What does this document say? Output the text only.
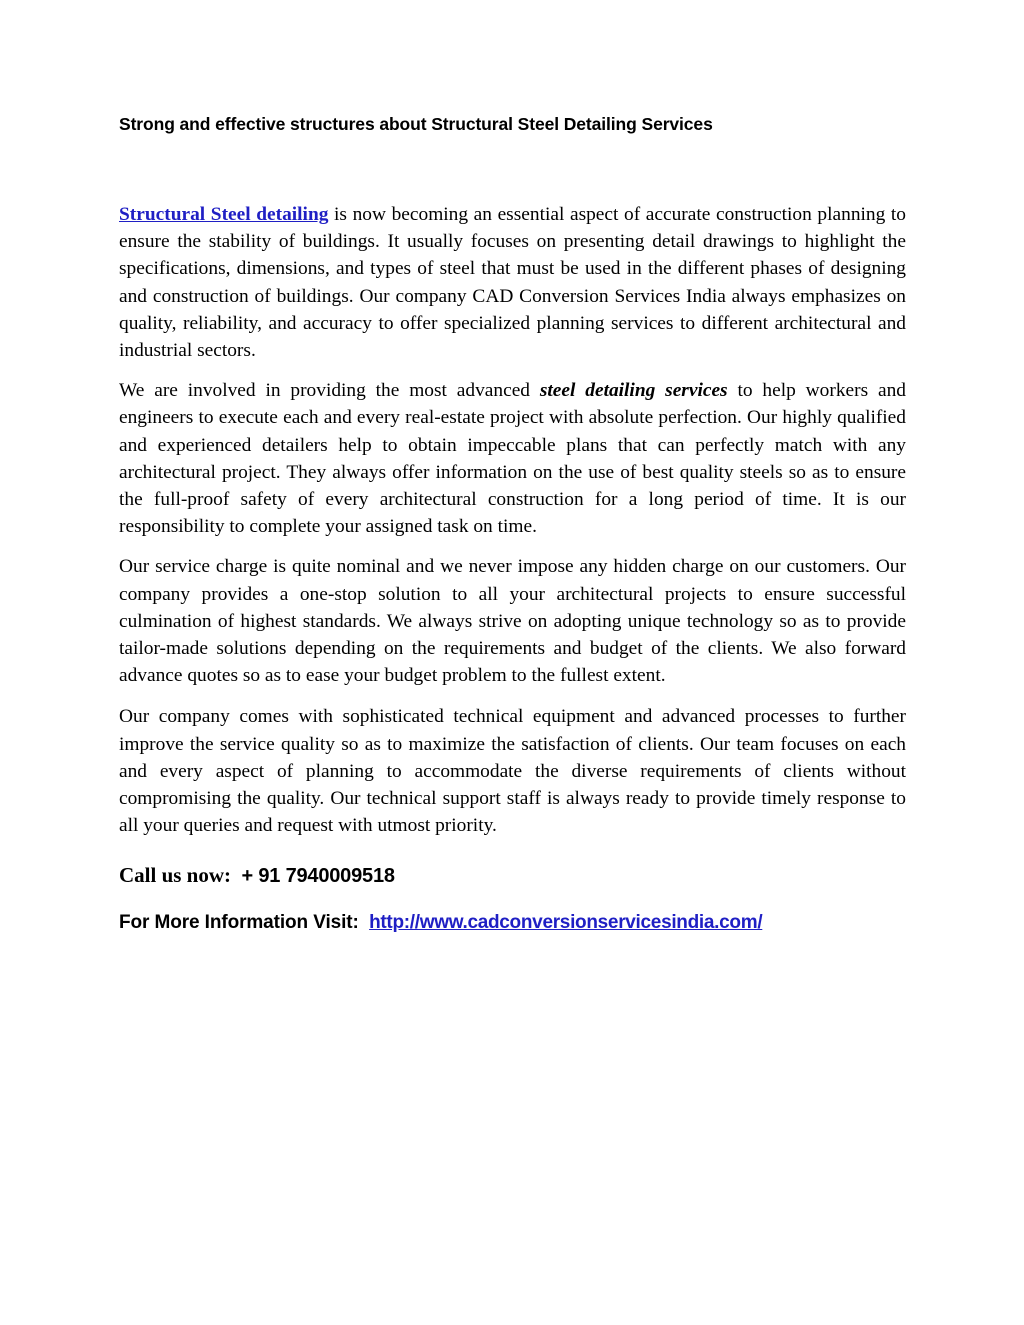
Strong and effective structures about Structural Steel Detailing Services

Structural Steel detailing is now becoming an essential aspect of accurate construction planning to ensure the stability of buildings. It usually focuses on presenting detail drawings to highlight the specifications, dimensions, and types of steel that must be used in the different phases of designing and construction of buildings. Our company CAD Conversion Services India always emphasizes on quality, reliability, and accuracy to offer specialized planning services to different architectural and industrial sectors.

We are involved in providing the most advanced steel detailing services to help workers and engineers to execute each and every real-estate project with absolute perfection. Our highly qualified and experienced detailers help to obtain impeccable plans that can perfectly match with any architectural project. They always offer information on the use of best quality steels so as to ensure the full-proof safety of every architectural construction for a long period of time. It is our responsibility to complete your assigned task on time.

Our service charge is quite nominal and we never impose any hidden charge on our customers. Our company provides a one-stop solution to all your architectural projects to ensure successful culmination of highest standards. We always strive on adopting unique technology so as to provide tailor-made solutions depending on the requirements and budget of the clients. We also forward advance quotes so as to ease your budget problem to the fullest extent.

Our company comes with sophisticated technical equipment and advanced processes to further improve the service quality so as to maximize the satisfaction of clients. Our team focuses on each and every aspect of planning to accommodate the diverse requirements of clients without compromising the quality. Our technical support staff is always ready to provide timely response to all your queries and request with utmost priority.

Call us now:  + 91 7940009518

For More Information Visit:  http://www.cadconversionservicesindia.com/
